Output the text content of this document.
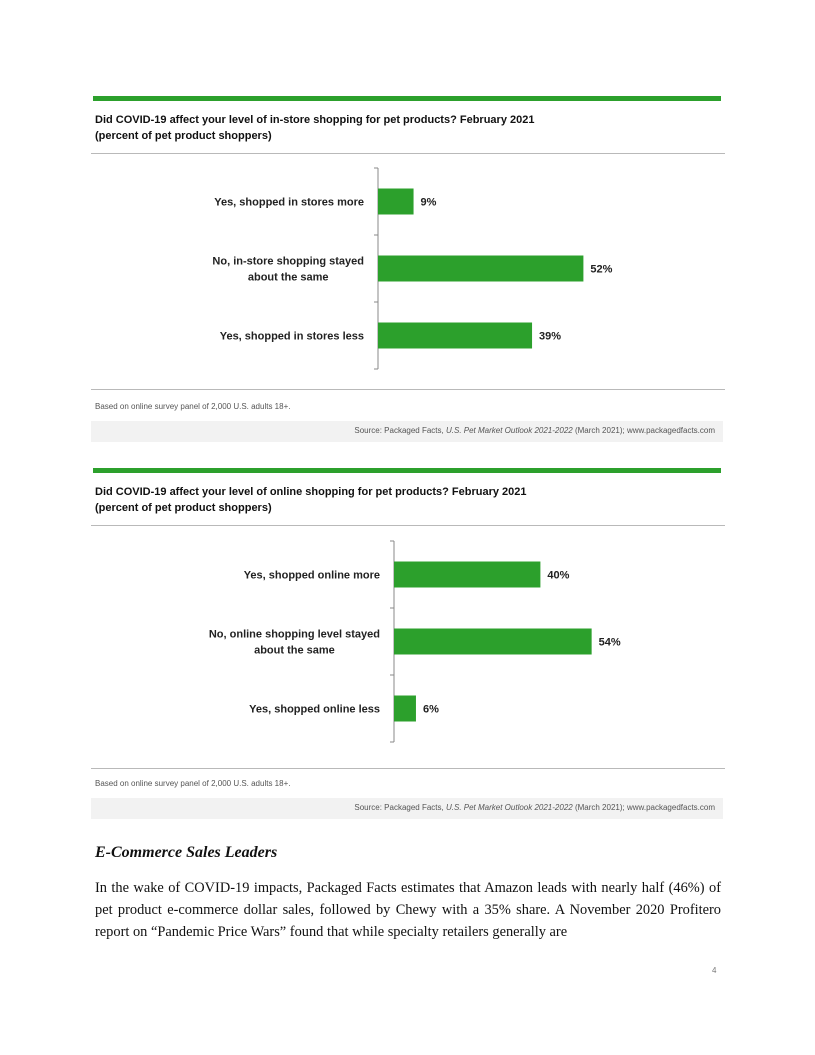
Did COVID-19 affect your level of in-store shopping for pet products? February 2021
(percent of pet product shoppers)
9%
Yes, shopped in stores more
52%
No, in-store shopping stayed
about the same
39%
Yes, shopped in stores less
Based on online survey panel of 2,000 U.S. adults 18+.
Source: Packaged Facts, U.S. Pet Market Outlook 2021-2022 (March 2021); www.packagedfacts.com
Did COVID-19 affect your level of online shopping for pet products? February 2021
(percent of pet product shoppers)
40%
Yes, shopped online more
54%
No, online shopping level stayed
about the same
6%
Yes, shopped online less
Based on online survey panel of 2,000 U.S. adults 18+.
Source: Packaged Facts, U.S. Pet Market Outlook 2021-2022 (March 2021); www.packagedfacts.com
E-Commerce Sales Leaders
In the wake of COVID-19 impacts, Packaged Facts estimates that Amazon leads with nearly half (46%) of pet product e-commerce dollar sales, followed by Chewy with a 35% share. A November 2020 Profitero report on “Pandemic Price Wars” found that while specialty retailers generally are
4
